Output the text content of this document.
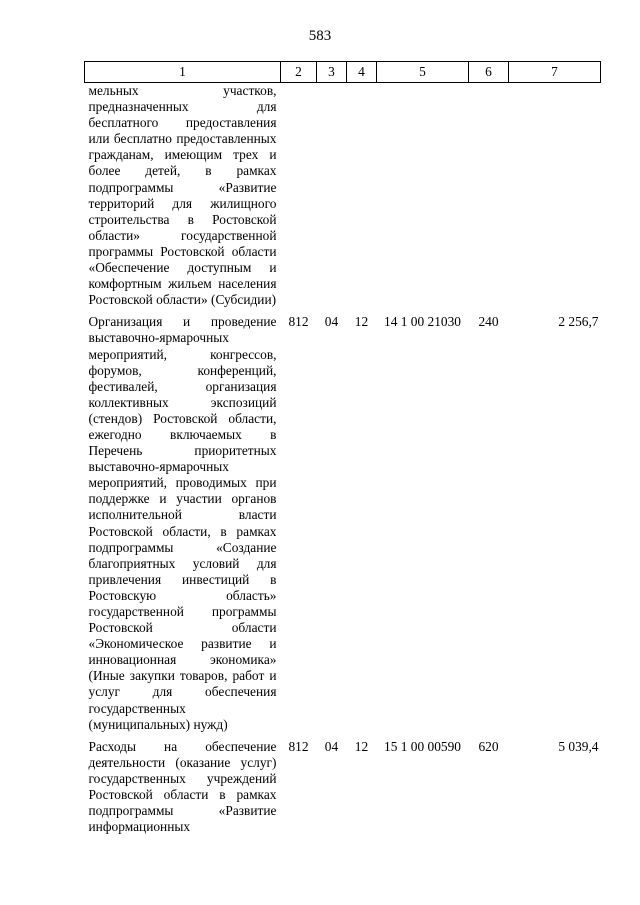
583
1	2	3	4	5	6	7
мельных участков, предназначенных для бесплатного предоставления или бесплатно предоставленных гражданам, имеющим трех и более детей, в рамках подпрограммы «Развитие территорий для жилищного строительства в Ростовской области» государственной программы Ростовской области «Обеспечение доступным и комфортным жильем населения Ростовской области» (Субсидии)						
Организация и проведение выставочно-ярмарочных мероприятий, конгрессов, форумов, конференций, фестивалей, организация коллективных экспозиций (стендов) Ростовской области, ежегодно включаемых в Перечень приоритетных выставочно-ярмарочных мероприятий, проводимых при поддержке и участии органов исполнительной власти Ростовской области, в рамках подпрограммы «Создание благоприятных условий для привлечения инвестиций в Ростовскую область» государственной программы Ростовской области «Экономическое развитие и инновационная экономика» (Иные закупки товаров, работ и услуг для обеспечения государственных (муниципальных) нужд)	812	04	12	14 1 00 21030	240	2 256,7
Расходы на обеспечение деятельности (оказание услуг) государственных учреждений Ростовской области в рамках подпрограммы «Развитие информационных	812	04	12	15 1 00 00590	620	5 039,4
